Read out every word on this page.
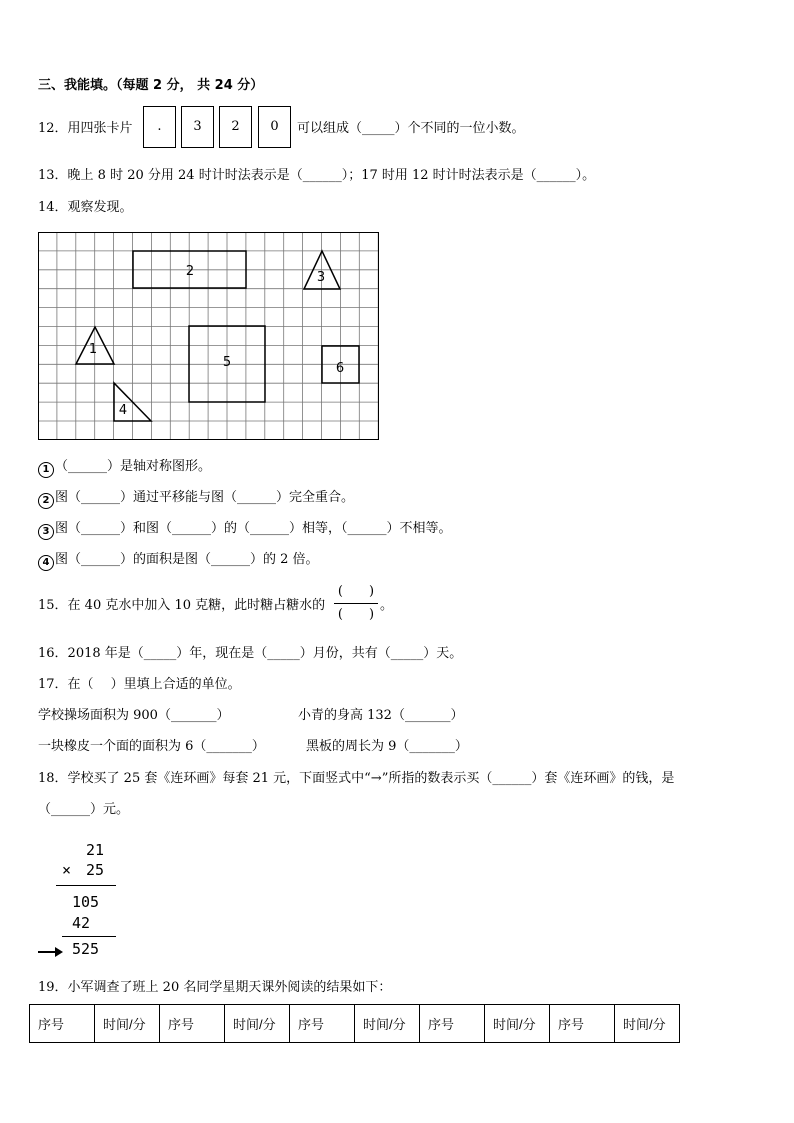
三、我能填。（每题 2 分， 共 24 分）
12．用四张卡片	.	3	2	0	可以组成（_____）个不同的一位小数。
13．晚上 8 时 20 分用 24 时计时法表示是（______）；17 时用 12 时计时法表示是（______）。
14．观察发现。
1
2	3
4
5	6
1 （______）是轴对称图形。
2 图（______）通过平移能与图（______）完全重合。
3 图（______）和图（______）的（______）相等，（______）不相等。
4 图（______）的面积是图（______）的 2 倍。
15．在 40 克水中加入 10 克糖，此时糖占糖水的
(　　)
(　　)
。
16．2018 年是（_____）年，现在是（_____）月份，共有（_____）天。
17．在（　 ）里填上合适的单位。
学校操场面积为 900（_______）	小青的身高 132（_______）
一块橡皮一个面的面积为 6（_______）	黑板的周长为 9（_______）
18．学校买了 25 套《连环画》每套 21 元，下面竖式中“→”所指的数表示买（______）套《连环画》的钱，是
（______）元。
21
× 25
105
42
525
19．小军调查了班上 20 名同学星期天课外阅读的结果如下：
序号	时间/分	序号	时间/分	序号	时间/分	序号	时间/分	序号	时间/分
